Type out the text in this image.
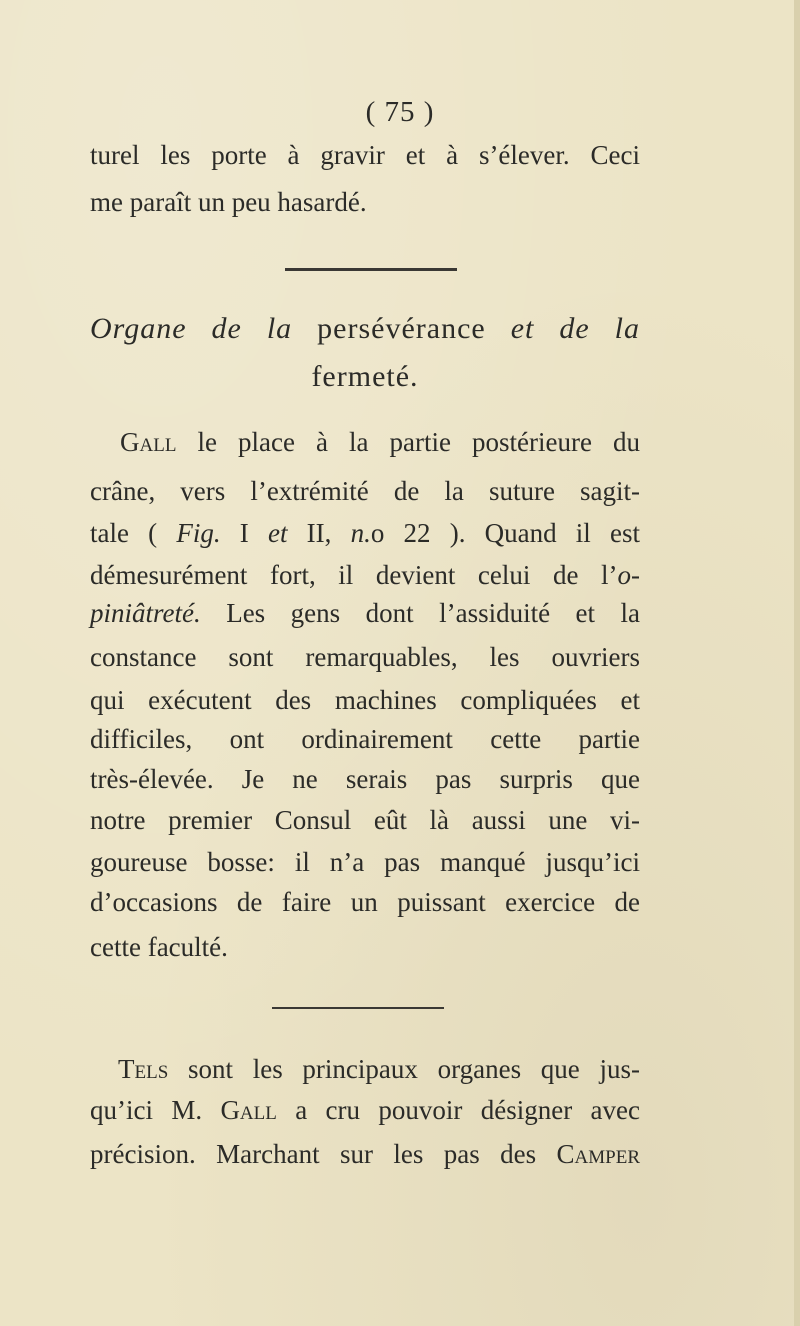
( 75 )
turel les porte à gravir et à s’élever. Ceci
me paraît un peu hasardé.
Organe de la persévérance et de la
fermeté.
Gall le place à la partie postérieure du
crâne, vers l’extrémité de la suture sagit-
tale ( Fig. I et II, n.o 22 ). Quand il est
démesurément fort, il devient celui de l’o-
piniâtreté. Les gens dont l’assiduité et la
constance sont remarquables, les ouvriers
qui exécutent des machines compliquées et
difficiles, ont ordinairement cette partie
très-élevée. Je ne serais pas surpris que
notre premier Consul eût là aussi une vi-
goureuse bosse: il n’a pas manqué jusqu’ici
d’occasions de faire un puissant exercice de
cette faculté.
Tels sont les principaux organes que jus-
qu’ici M. Gall a cru pouvoir désigner avec
précision. Marchant sur les pas des Camper
